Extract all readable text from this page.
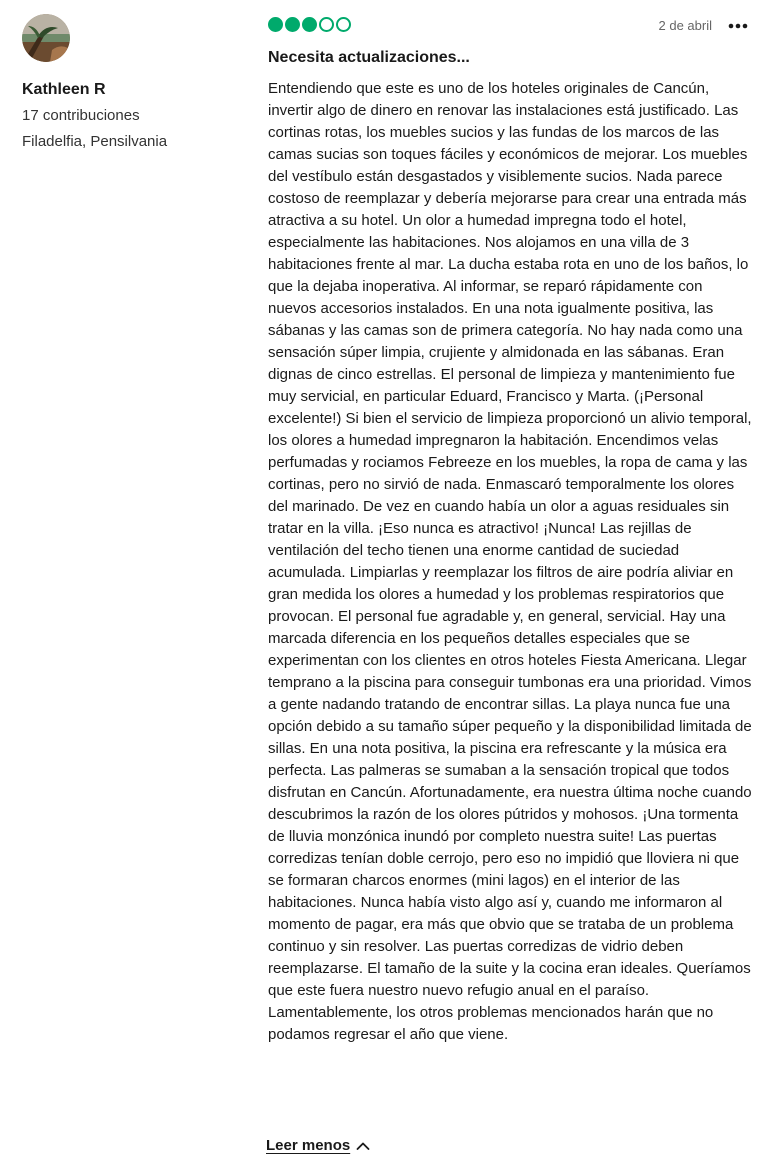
Kathleen R
17 contribuciones
Filadelfia, Pensilvania
2 de abril
Necesita actualizaciones...

Entendiendo que este es uno de los hoteles originales de Cancún, invertir algo de dinero en renovar las instalaciones está justificado. Las cortinas rotas, los muebles sucios y las fundas de los marcos de las camas sucias son toques fáciles y económicos de mejorar. Los muebles del vestíbulo están desgastados y visiblemente sucios. Nada parece costoso de reemplazar y debería mejorarse para crear una entrada más atractiva a su hotel. Un olor a humedad impregna todo el hotel, especialmente las habitaciones. Nos alojamos en una villa de 3 habitaciones frente al mar. La ducha estaba rota en uno de los baños, lo que la dejaba inoperativa. Al informar, se reparó rápidamente con nuevos accesorios instalados. En una nota igualmente positiva, las sábanas y las camas son de primera categoría. No hay nada como una sensación súper limpia, crujiente y almidonada en las sábanas. Eran dignas de cinco estrellas. El personal de limpieza y mantenimiento fue muy servicial, en particular Eduard, Francisco y Marta. (¡Personal excelente!) Si bien el servicio de limpieza proporcionó un alivio temporal, los olores a humedad impregnaron la habitación. Encendimos velas perfumadas y rociamos Febreeze en los muebles, la ropa de cama y las cortinas, pero no sirvió de nada. Enmascaró temporalmente los olores del marinado. De vez en cuando había un olor a aguas residuales sin tratar en la villa. ¡Eso nunca es atractivo! ¡Nunca! Las rejillas de ventilación del techo tienen una enorme cantidad de suciedad acumulada. Limpiarlas y reemplazar los filtros de aire podría aliviar en gran medida los olores a humedad y los problemas respiratorios que provocan. El personal fue agradable y, en general, servicial. Hay una marcada diferencia en los pequeños detalles especiales que se experimentan con los clientes en otros hoteles Fiesta Americana. Llegar temprano a la piscina para conseguir tumbonas era una prioridad. Vimos a gente nadando tratando de encontrar sillas. La playa nunca fue una opción debido a su tamaño súper pequeño y la disponibilidad limitada de sillas. En una nota positiva, la piscina era refrescante y la música era perfecta. Las palmeras se sumaban a la sensación tropical que todos disfrutan en Cancún. Afortunadamente, era nuestra última noche cuando descubrimos la razón de los olores pútridos y mohosos. ¡Una tormenta de lluvia monzónica inundó por completo nuestra suite! Las puertas corredizas tenían doble cerrojo, pero eso no impidió que lloviera ni que se formaran charcos enormes (mini lagos) en el interior de las habitaciones. Nunca había visto algo así y, cuando me informaron al momento de pagar, era más que obvio que se trataba de un problema continuo y sin resolver. Las puertas corredizas de vidrio deben reemplazarse. El tamaño de la suite y la cocina eran ideales. Queríamos que este fuera nuestro nuevo refugio anual en el paraíso. Lamentablemente, los otros problemas mencionados harán que no podamos regresar el año que viene.

Leer menos
